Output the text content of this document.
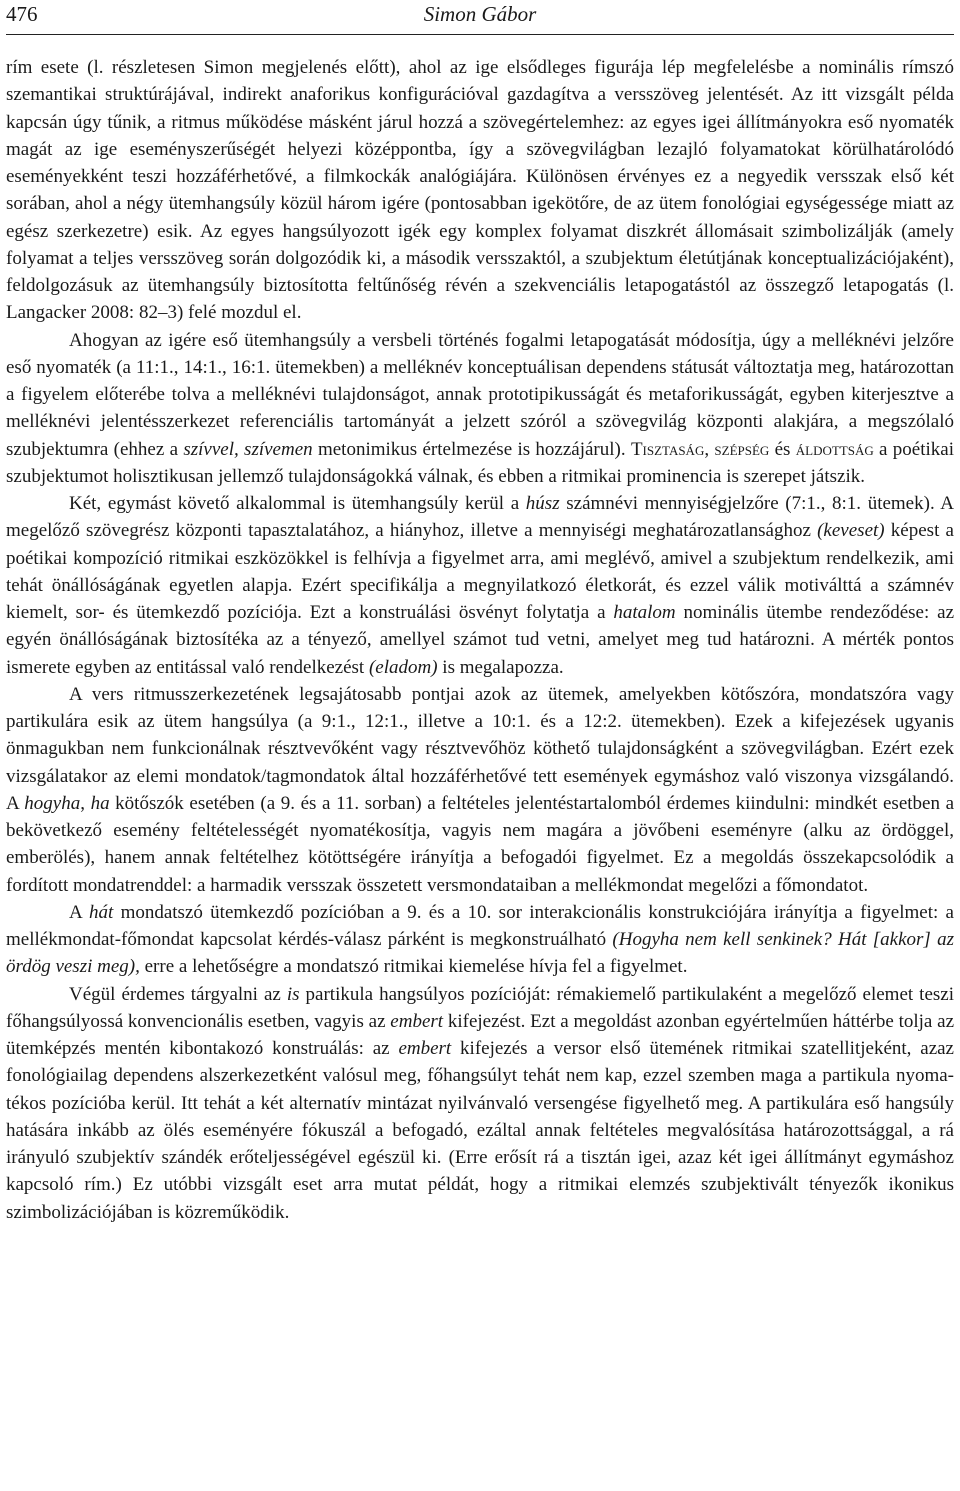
476	Simon Gábor

rím esete (l. részletesen Simon megjelenés előtt), ahol az ige elsődleges figurája lép megfelelésbe a nominális rímszó szemantikai struktúrájával, indirekt anaforikus konfigurációval gazdagítva a versszöveg jelentését. Az itt vizsgált példa kapcsán úgy tűnik, a ritmus működése másként járul hozzá a szövegértelemhez: az egyes igei állítmányokra eső nyomaték magát az ige eseményszerűségét helyezi középpontba, így a szövegvilágban lezajló folyamatokat körülhatárolódó eseményekként teszi hozzáférhetővé, a filmkockák analógiájára. Különösen érvényes ez a negyedik versszak első két sorában, ahol a négy ütemhangsúly közül három igére (pontosabban igekötőre, de az ütem fonológiai egységessége miatt az egész szerkezetre) esik. Az egyes hangsúlyozott igék egy komplex folyamat diszkrét állomásait szimbolizálják (amely folyamat a teljes versszöveg során dolgozódik ki, a második versszaktól, a szubjektum életútjának konceptualizációjaként), feldolgozásuk az ütemhangsúly biztosította feltűnőség révén a szekvenciális letapogatástól az összegző letapogatás (l. Langacker 2008: 82–3) felé mozdul el.

Ahogyan az igére eső ütemhangsúly a versbeli történés fogalmi letapogatását módosítja, úgy a melléknévi jelzőre eső nyomaték (a 11:1., 14:1., 16:1. ütemekben) a melléknév konceptuálisan dependens státusát változtatja meg, határozottan a figyelem előterébe tolva a melléknévi tulajdonságot, annak prototipikusságát és metaforikusságát, egyben kiterjesztve a melléknévi jelentésszerkezet referenciális tartományát a jelzett szóról a szövegvilág központi alakjára, a megszólaló szubjektumra (ehhez a szívvel, szívemen metonimikus értelmezése is hozzájárul). Tisztaság, szépség és áldottság a poétikai szubjektumot holisztikusan jellemző tulajdonságokká válnak, és ebben a ritmikai prominencia is szerepet játszik.

Két, egymást követő alkalommal is ütemhangsúly kerül a húsz számnévi mennyiségjelzőre (7:1., 8:1. ütemek). A megelőző szövegrész központi tapasztalatához, a hiányhoz, illetve a mennyiségi meghatározatlansághoz (keveset) képest a poétikai kompozíció ritmikai eszközökkel is felhívja a figyelmet arra, ami meglévő, amivel a szubjektum rendelkezik, ami tehát önállóságának egyetlen alapja. Ezért specifikálja a megnyilatkozó életkorát, és ezzel válik motiválttá a számnév kiemelt, sor- és ütemkezdő pozíciója. Ezt a konstruálási ösvényt folytatja a hatalom nominális ütembe rendeződése: az egyén önállóságának biztosítéka az a tényező, amellyel számot tud vetni, amelyet meg tud határozni. A mérték pontos ismerete egyben az entitással való rendelkezést (eladom) is megalapozza.

A vers ritmusszerkezetének legsajátosabb pontjai azok az ütemek, amelyekben kötőszóra, mondatszóra vagy partikulára esik az ütem hangsúlya (a 9:1., 12:1., illetve a 10:1. és a 12:2. ütemekben). Ezek a kifejezések ugyanis önmagukban nem funkcionálnak résztvevőként vagy résztvevőhöz köthető tulajdonságként a szövegvilágban. Ezért ezek vizsgálatakor az elemi mondatok/tagmondatok által hozzáférhetővé tett események egymáshoz való viszonya vizsgálandó. A hogyha, ha kötőszók esetében (a 9. és a 11. sorban) a feltételes jelentéstartalomból érdemes kiindulni: mindkét esetben a bekövetkező esemény feltételességét nyomatékosítja, vagyis nem magára a jövőbeni eseményre (alku az ördöggel, emberölés), hanem annak feltételhez kötöttségére irányítja a befogadói figyelmet. Ez a megoldás összekapcsolódik a fordított mondatrenddel: a harmadik versszak összetett versmondataiban a mellékmondat megelőzi a főmondatot.

A hát mondatszó ütemkezdő pozícióban a 9. és a 10. sor interakcionális konstrukciójára irányítja a figyelmet: a mellékmondat-főmondat kapcsolat kérdés-válasz párként is megkonstruálható (Hogyha nem kell senkinek? Hát [akkor] az ördög veszi meg), erre a lehetőségre a mondatszó ritmikai kiemelése hívja fel a figyelmet.

Végül érdemes tárgyalni az is partikula hangsúlyos pozícióját: rémakiemelő partikulaként a megelőző elemet teszi főhangsúlyossá konvencionális esetben, vagyis az embert kifejezést. Ezt a megoldást azonban egyértelműen háttérbe tolja az ütemképzés mentén kibontakozó konstruálás: az embert kifejezés a versor első ütemének ritmikai szatellitjeként, azaz fonológiailag dependens alszerkezetként valósul meg, főhangsúlyt tehát nem kap, ezzel szemben maga a partikula nyomatékos pozícióba kerül. Itt tehát a két alternatív mintázat nyilvánvaló versengése figyelhető meg. A partikulára eső hangsúly hatására inkább az ölés eseményére fókuszál a befogadó, ezáltal annak feltételes megvalósítása határozottsággal, a rá irányuló szubjektív szándék erőteljességével egészül ki. (Erre erősít rá a tisztán igei, azaz két igei állítmányt egymáshoz kapcsoló rím.) Ez utóbbi vizsgált eset arra mutat példát, hogy a ritmikai elemzés szubjektivált tényezők ikonikus szimbolizációjában is közreműködik.
